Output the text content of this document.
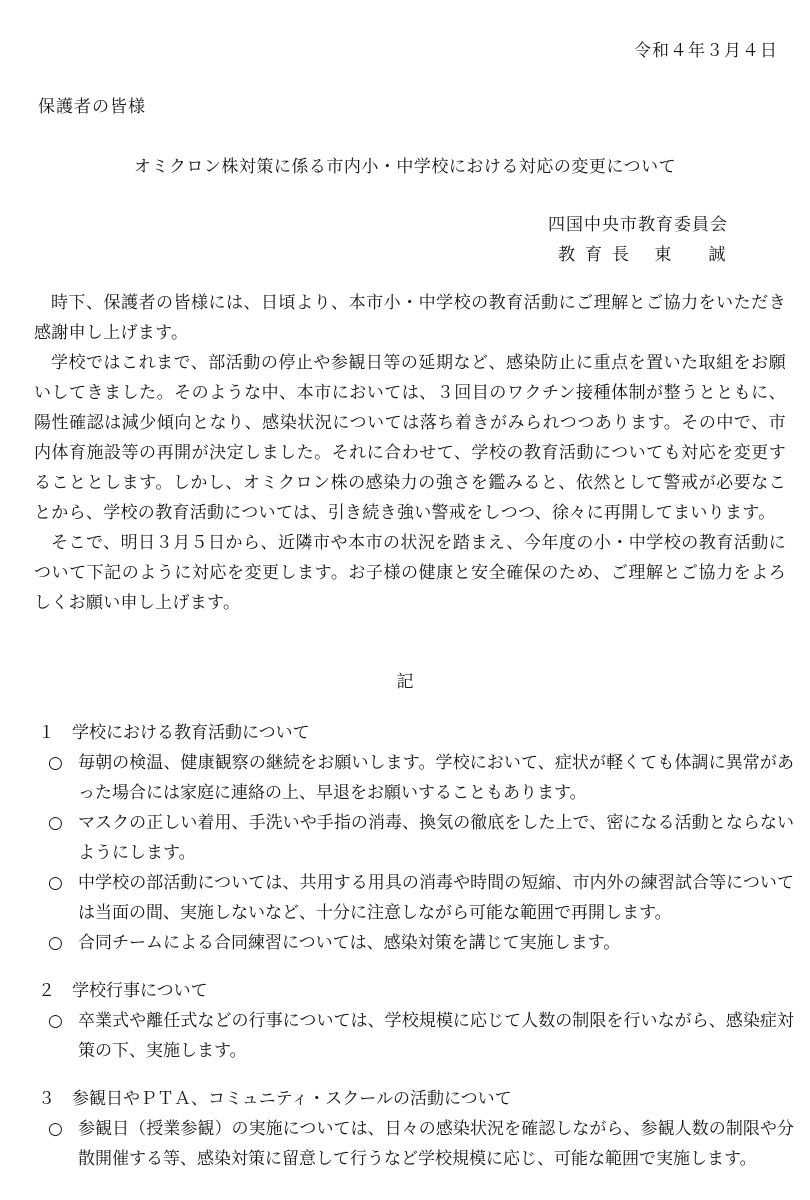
令和４年３月４日
保護者の皆様
オミクロン株対策に係る市内小・中学校における対応の変更について
四国中央市教育委員会
教育長 東　誠

時下、保護者の皆様には、日頃より、本市小・中学校の教育活動にご理解とご協力をいただき感謝申し上げます。

学校ではこれまで、部活動の停止や参観日等の延期など、感染防止に重点を置いた取組をお願いしてきました。そのような中、本市においては、３回目のワクチン接種体制が整うとともに、陽性確認は減少傾向となり、感染状況については落ち着きがみられつつあります。その中で、市内体育施設等の再開が決定しました。それに合わせて、学校の教育活動についても対応を変更することとします。しかし、オミクロン株の感染力の強さを鑑みると、依然として警戒が必要なことから、学校の教育活動については、引き続き強い警戒をしつつ、徐々に再開してまいります。

そこで、明日３月５日から、近隣市や本市の状況を踏まえ、今年度の小・中学校の教育活動について下記のように対応を変更します。お子様の健康と安全確保のため、ご理解とご協力をよろしくお願い申し上げます。

記
１ 学校における教育活動について
○ 毎朝の検温、健康観察の継続をお願いします。学校において、症状が軽くても体調に異常があった場合には家庭に連絡の上、早退をお願いすることもあります。
○ マスクの正しい着用、手洗いや手指の消毒、換気の徹底をした上で、密になる活動とならないようにします。
○ 中学校の部活動については、共用する用具の消毒や時間の短縮、市内外の練習試合等については当面の間、実施しないなど、十分に注意しながら可能な範囲で再開します。
○ 合同チームによる合同練習については、感染対策を講じて実施します。
２ 学校行事について
○ 卒業式や離任式などの行事については、学校規模に応じて人数の制限を行いながら、感染症対策の下、実施します。
３ 参観日やＰＴＡ、コミュニティ・スクールの活動について
○ 参観日（授業参観）の実施については、日々の感染状況を確認しながら、参観人数の制限や分散開催する等、感染対策に留意して行うなど学校規模に応じ、可能な範囲で実施します。
